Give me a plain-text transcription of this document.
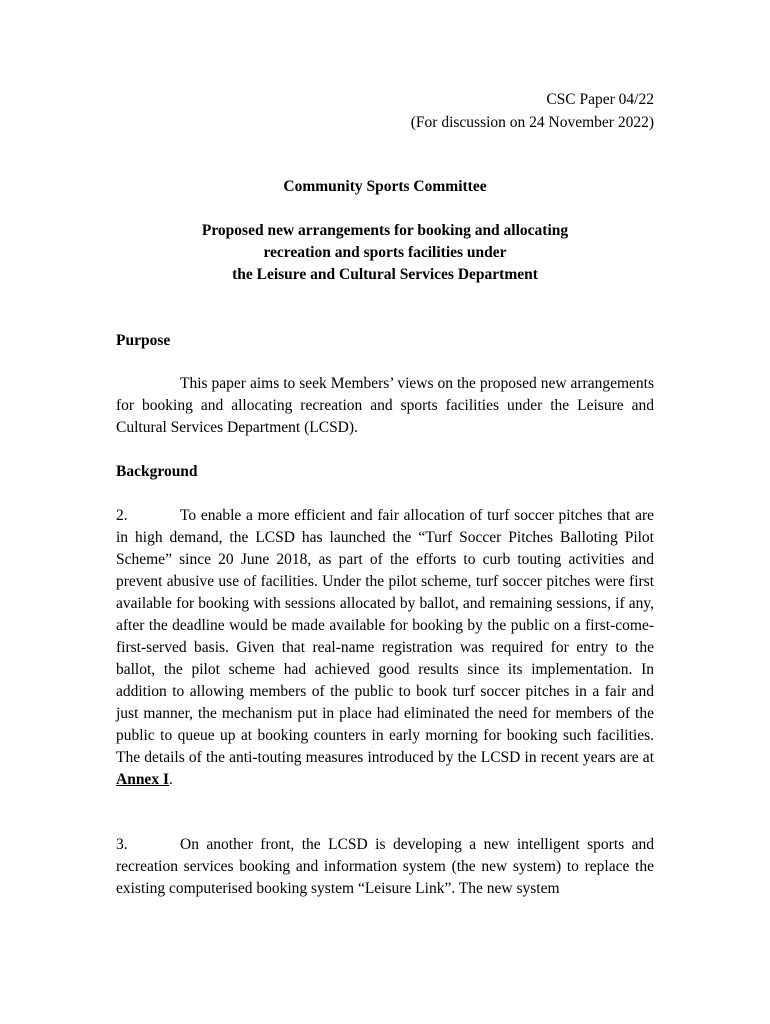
CSC Paper 04/22
(For discussion on 24 November 2022)
Community Sports Committee
Proposed new arrangements for booking and allocating
recreation and sports facilities under
the Leisure and Cultural Services Department
Purpose

This paper aims to seek Members’ views on the proposed new arrangements for booking and allocating recreation and sports facilities under the Leisure and Cultural Services Department (LCSD).

Background

2.	To enable a more efficient and fair allocation of turf soccer pitches that are in high demand, the LCSD has launched the “Turf Soccer Pitches Balloting Pilot Scheme” since 20 June 2018, as part of the efforts to curb touting activities and prevent abusive use of facilities. Under the pilot scheme, turf soccer pitches were first available for booking with sessions allocated by ballot, and remaining sessions, if any, after the deadline would be made available for booking by the public on a first-come-first-served basis. Given that real-name registration was required for entry to the ballot, the pilot scheme had achieved good results since its implementation. In addition to allowing members of the public to book turf soccer pitches in a fair and just manner, the mechanism put in place had eliminated the need for members of the public to queue up at booking counters in early morning for booking such facilities. The details of the anti-touting measures introduced by the LCSD in recent years are at Annex I.

3.	On another front, the LCSD is developing a new intelligent sports and recreation services booking and information system (the new system) to replace the existing computerised booking system “Leisure Link”. The new system
